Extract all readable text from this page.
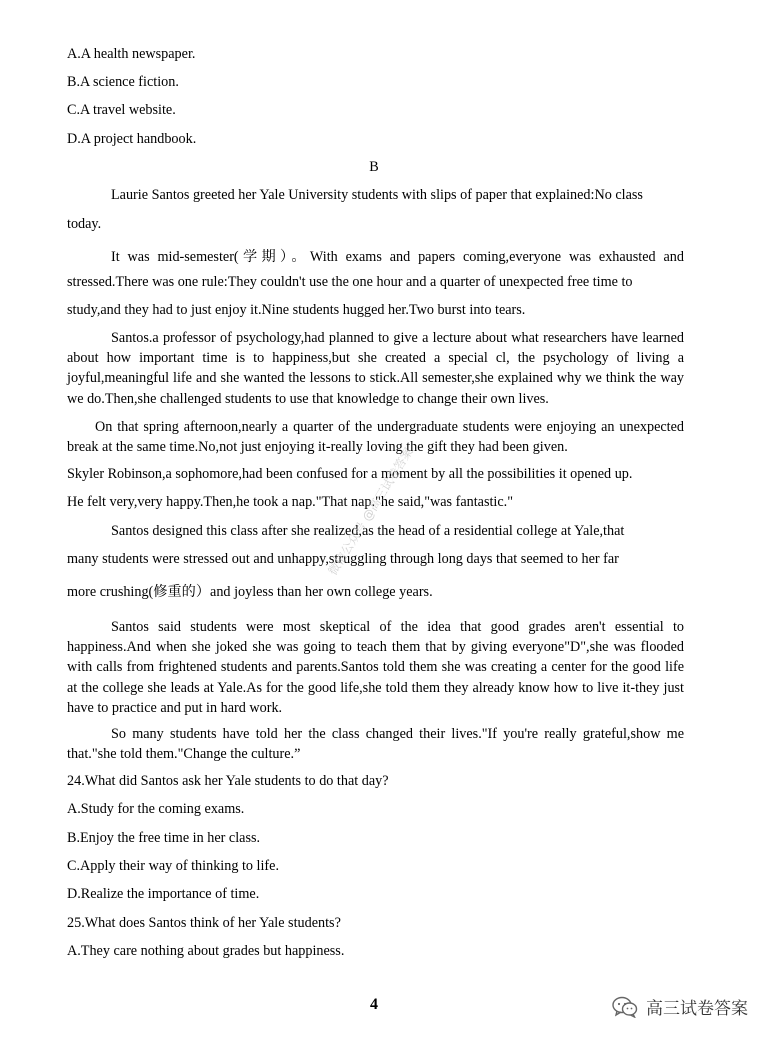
A.A health newspaper.
B.A science fiction.
C.A travel website.
D.A project handbook.
B
Laurie Santos greeted her Yale University students with slips of paper that explained:No class
today.
It was mid-semester(学期）。With exams and papers coming,everyone was exhausted and
stressed.There was one rule:They couldn't use the one hour and a quarter of unexpected free time to
study,and they had to just enjoy it.Nine students hugged her.Two burst into tears.
Santos.a professor of psychology,had planned to give a lecture about what researchers have learned about how important time is to happiness,but she created a special cl, the psychology of living a joyful,meaningful life and she wanted the lessons to stick.All semester,she explained why we think the way we do.Then,she challenged students to use that knowledge to change their own lives.
On that spring afternoon,nearly a quarter of the undergraduate students were enjoying an unexpected break at the same time.No,not just enjoying it-really loving the gift they had been given.
Skyler Robinson,a sophomore,had been confused for a moment by all the possibilities it opened up.
He felt very,very happy.Then,he took a nap."That nap."he said,"was fantastic."
Santos designed this class after she realized,as the head of a residential college at Yale,that
many students were stressed out and unhappy,struggling through long days that seemed to her far
more crushing(修重的）and joyless than her own college years.
Santos said students were most skeptical of the idea that good grades aren't essential to happiness.And when she joked she was going to teach them that by giving everyone"D",she was flooded with calls from frightened students and parents.Santos told them she was creating a center for the good life at the college she leads at Yale.As for the good life,she told them they already know how to live it-they just have to practice and put in hard work.
So many students have told her the class changed their lives."If you're really grateful,show me that."she told them."Change the culture.”
24.What did Santos ask her Yale students to do that day?
A.Study for the coming exams.
B.Enjoy the free time in her class.
C.Apply their way of thinking to life.
D.Realize the importance of time.
25.What does Santos think of her Yale students?
A.They care nothing about grades but happiness.
微信公众号 @高三试卷答案
4	高三试卷答案
